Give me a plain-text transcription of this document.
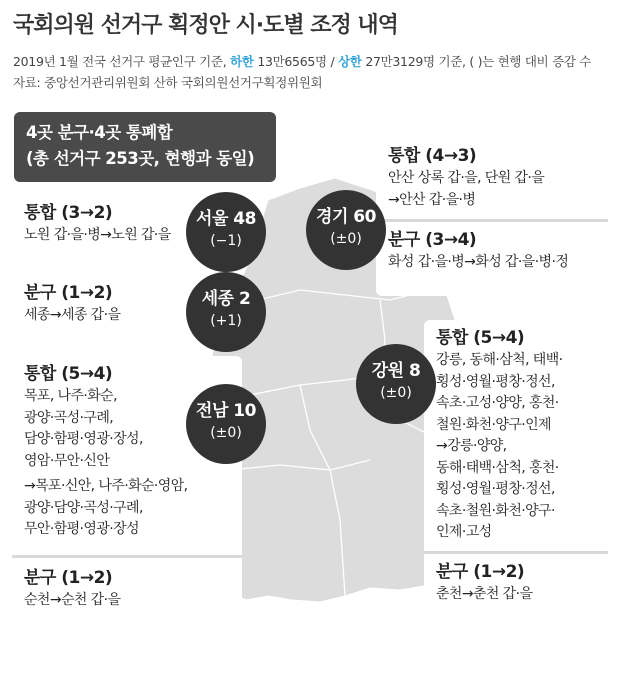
국회의원 선거구 획정안 시·도별 조정 내역
2019년 1월 전국 선거구 평균인구 기준, 하한 13만6565명 / 상한 27만3129명 기준, ( )는 현행 대비 증감 수
자료: 중앙선거관리위원회 산하 국회의원선거구획정위원회
4곳 분구·4곳 통폐합
(총 선거구 253곳, 현행과 동일)
통합 (3→2)
노원 갑·을·병→노원 갑·을
분구 (1→2)
세종→세종 갑·을
통합 (5→4)
목포, 나주·화순,
광양·곡성·구례,
담양·함평·영광·장성,
영암·무안·신안
→목포·신안, 나주·화순·영암,
광양·담양·곡성·구례,
무안·함평·영광·장성
분구 (1→2)
순천→순천 갑·을
통합 (4→3)
안산 상록 갑·을, 단원 갑·을
→안산 갑·을·병
분구 (3→4)
화성 갑·을·병→화성 갑·을·병·정
통합 (5→4)
강릉, 동해·삼척, 태백·
횡성·영월·평창·정선,
속초·고성·양양, 홍천·
철원·화천·양구·인제
→강릉·양양,
동해·태백·삼척, 홍천·
횡성·영월·평창·정선,
속초·철원·화천·양구·
인제·고성
분구 (1→2)
춘천→춘천 갑·을
서울 48
(−1)
세종 2
(+1)
전남 10
(±0)
경기 60
(±0)
강원 8
(±0)
